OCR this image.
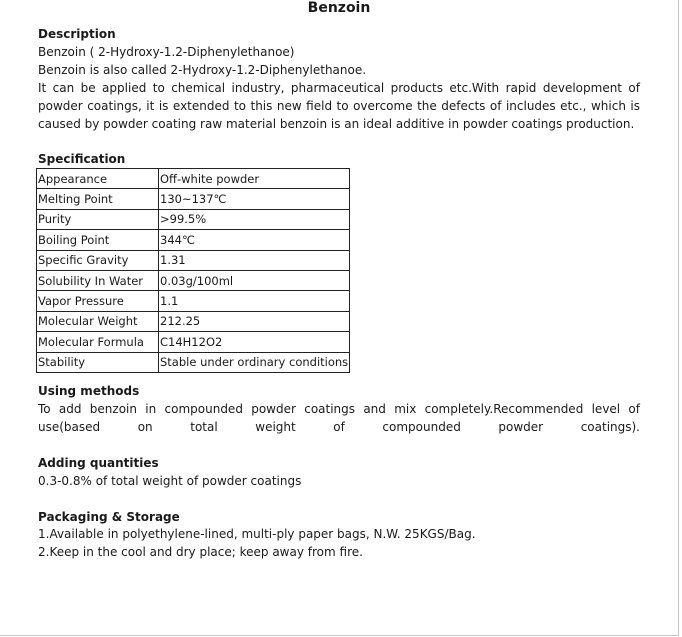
Benzoin
Description
Benzoin ( 2-Hydroxy-1.2-Diphenylethanoe)
Benzoin is also called 2-Hydroxy-1.2-Diphenylethanoe.
It can be applied to chemical industry, pharmaceutical products etc.With rapid development of powder coatings, it is extended to this new field to overcome the defects of includes etc., which is caused by powder coating raw material benzoin is an ideal additive in powder coatings production.
Specification
Appearance	Off-white powder
Melting Point	130~137℃
Purity	>99.5%
Boiling Point	344℃
Specific Gravity	1.31
Solubility In Water	0.03g/100ml
Vapor Pressure	1.1
Molecular Weight	212.25
Molecular Formula	C14H12O2
Stability	Stable under ordinary conditions
Using methods
To add benzoin in compounded powder coatings and mix completely.Recommended level of use(based on total weight of compounded powder coatings).
Adding quantities
0.3-0.8% of total weight of powder coatings
Packaging & Storage
1.Available in polyethylene-lined, multi-ply paper bags, N.W. 25KGS/Bag.
2.Keep in the cool and dry place; keep away from fire.
